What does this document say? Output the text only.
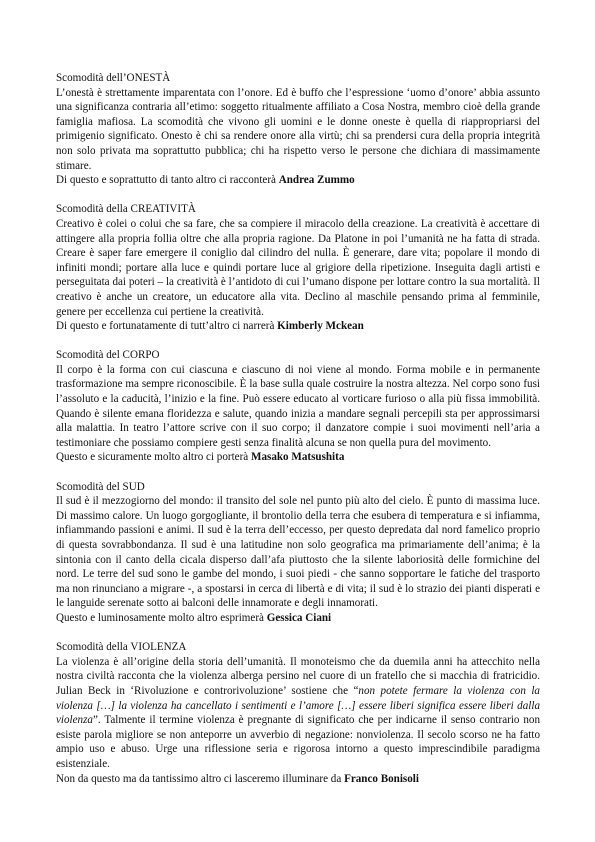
Scomodità dell’ONESTÀ

L’onestà è strettamente imparentata con l’onore. Ed è buffo che l’espressione ‘uomo d’onore’ abbia assunto una significanza contraria all’etimo: soggetto ritualmente affiliato a Cosa Nostra, membro cioè della grande famiglia mafiosa. La scomodità che vivono gli uomini e le donne oneste è quella di riappropriarsi del primigenio significato. Onesto è chi sa rendere onore alla virtù; chi sa prendersi cura della propria integrità non solo privata ma soprattutto pubblica; chi ha rispetto verso le persone che dichiara di massimamente stimare.

Di questo e soprattutto di tanto altro ci racconterà Andrea Zummo

Scomodità della CREATIVITÀ

Creativo è colei o colui che sa fare, che sa compiere il miracolo della creazione. La creatività è accettare di attingere alla propria follia oltre che alla propria ragione. Da Platone in poi l’umanità ne ha fatta di strada. Creare è saper fare emergere il coniglio dal cilindro del nulla. È generare, dare vita; popolare il mondo di infiniti mondi; portare alla luce e quindi portare luce al grigiore della ripetizione. Inseguita dagli artisti e perseguitata dai poteri – la creatività è l’antidoto di cui l’umano dispone per lottare contro la sua mortalità. Il creativo è anche un creatore, un educatore alla vita. Declino al maschile pensando prima al femminile, genere per eccellenza cui pertiene la creatività.

Di questo e fortunatamente di tutt’altro ci narrerà Kimberly Mckean

Scomodità del CORPO

Il corpo è la forma con cui ciascuna e ciascuno di noi viene al mondo. Forma mobile e in permanente trasformazione ma sempre riconoscibile. È la base sulla quale costruire la nostra altezza. Nel corpo sono fusi l’assoluto e la caducità, l’inizio e la fine. Può essere educato al vorticare furioso o alla più fissa immobilità. Quando è silente emana floridezza e salute, quando inizia a mandare segnali percepili sta per approssimarsi alla malattia. In teatro l’attore scrive con il suo corpo; il danzatore compie i suoi movimenti nell’aria a testimoniare che possiamo compiere gesti senza finalità alcuna se non quella pura del movimento.

Questo e sicuramente molto altro ci porterà Masako Matsushita

Scomodità del SUD

Il sud è il mezzogiorno del mondo: il transito del sole nel punto più alto del cielo. È punto di massima luce. Di massimo calore. Un luogo gorgogliante, il brontolio della terra che esubera di temperatura e si infiamma, infiammando passioni e animi. Il sud è la terra dell’eccesso, per questo depredata dal nord famelico proprio di questa sovrabbondanza. Il sud è una latitudine non solo geografica ma primariamente dell’anima; è la sintonia con il canto della cicala disperso dall’afa piuttosto che la silente laboriosità delle formichine del nord. Le terre del sud sono le gambe del mondo, i suoi piedi - che sanno sopportare le fatiche del trasporto ma non rinunciano a migrare -, a spostarsi in cerca di libertà e di vita; il sud è lo strazio dei pianti disperati e le languide serenate sotto ai balconi delle innamorate e degli innamorati.

Questo e luminosamente molto altro esprimerà Gessica Ciani

Scomodità della VIOLENZA

La violenza è all’origine della storia dell’umanità. Il monoteismo che da duemila anni ha attecchito nella nostra civiltà racconta che la violenza alberga persino nel cuore di un fratello che si macchia di fratricidio. Julian Beck in ‘Rivoluzione e controrivoluzione’ sostiene che “non potete fermare la violenza con la violenza […] la violenza ha cancellato i sentimenti e l’amore […] essere liberi significa essere liberi dalla violenza”. Talmente il termine violenza è pregnante di significato che per indicarne il senso contrario non esiste parola migliore se non anteporre un avverbio di negazione: nonviolenza. Il secolo scorso ne ha fatto ampio uso e abuso. Urge una riflessione seria e rigorosa intorno a questo imprescindibile paradigma esistenziale.

Non da questo ma da tantissimo altro ci lasceremo illuminare da Franco Bonisoli
